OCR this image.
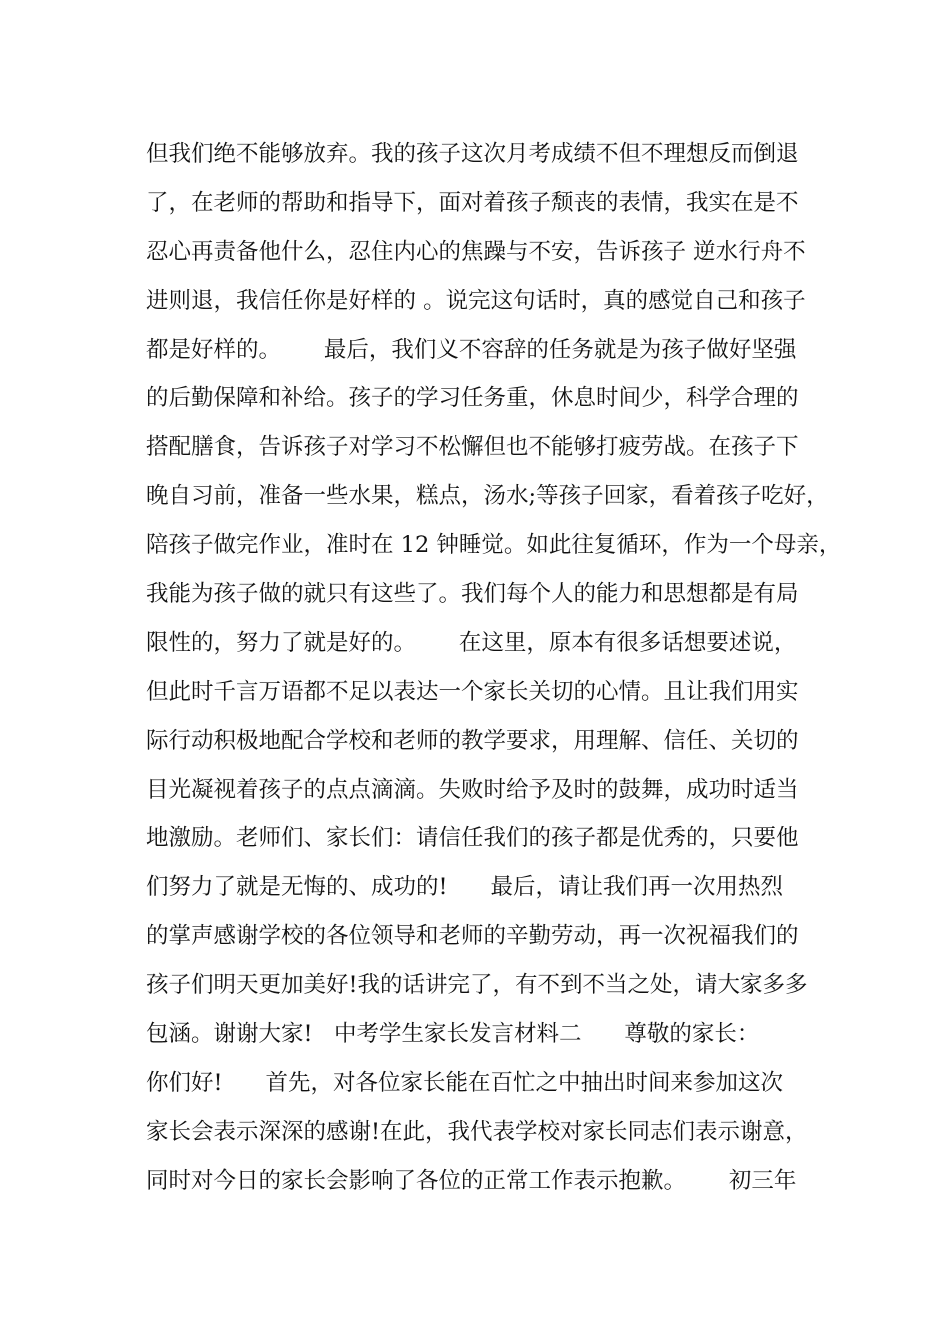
但我们绝不能够放弃。我的孩子这次月考成绩不但不理想反而倒退
了，在老师的帮助和指导下，面对着孩子颓丧的表情，我实在是不
忍心再责备他什么，忍住内心的焦躁与不安，告诉孩子 逆水行舟不
进则退，我信任你是好样的 。说完这句话时，真的感觉自己和孩子
都是好样的。      最后，我们义不容辞的任务就是为孩子做好坚强
的后勤保障和补给。孩子的学习任务重，休息时间少，科学合理的
搭配膳食，告诉孩子对学习不松懈但也不能够打疲劳战。在孩子下
晚自习前，准备一些水果，糕点，汤水;等孩子回家，看着孩子吃好，
陪孩子做完作业，准时在 12 钟睡觉。如此往复循环，作为一个母亲，
我能为孩子做的就只有这些了。我们每个人的能力和思想都是有局
限性的，努力了就是好的。      在这里，原本有很多话想要述说，
但此时千言万语都不足以表达一个家长关切的心情。且让我们用实
际行动积极地配合学校和老师的教学要求，用理解、信任、关切的
目光凝视着孩子的点点滴滴。失败时给予及时的鼓舞，成功时适当
地激励。老师们、家长们：请信任我们的孩子都是优秀的，只要他
们努力了就是无悔的、成功的!      最后，请让我们再一次用热烈
的掌声感谢学校的各位领导和老师的辛勤劳动，再一次祝福我们的
孩子们明天更加美好!我的话讲完了，有不到不当之处，请大家多多
包涵。谢谢大家!   中考学生家长发言材料二      尊敬的家长：
你们好!      首先，对各位家长能在百忙之中抽出时间来参加这次
家长会表示深深的感谢!在此，我代表学校对家长同志们表示谢意，
同时对今日的家长会影响了各位的正常工作表示抱歉。      初三年
